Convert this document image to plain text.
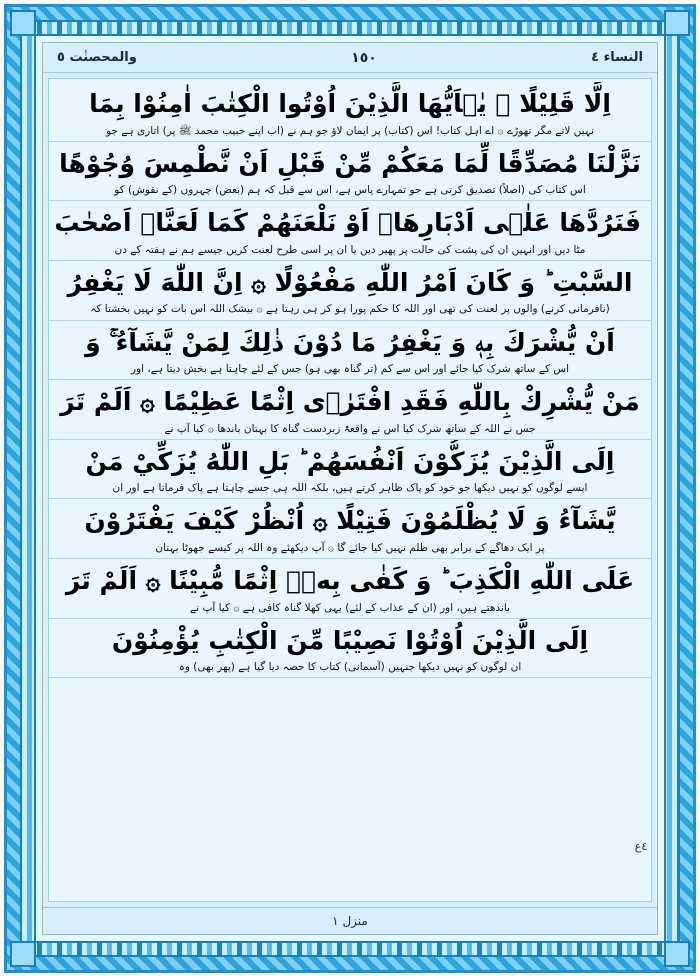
والمحصنٰت ٥	١٥٠	النساء ٤
اِلَّا قَلِيْلًا ۞ يٰۤاَيُّهَا الَّذِيْنَ اُوْتُوا الْكِتٰبَ اٰمِنُوْا بِمَا
نہیں لاتے مگر تھوڑے ۞ اے اہل کتاب! اس (کتاب) پر ایمان لاؤ جو ہم نے (اب اپنے حبیب محمد ﷺ پر) اتاری ہے جو
نَزَّلْنَا مُصَدِّقًا لِّمَا مَعَكُمْ مِّنْ قَبْلِ اَنْ نَّطْمِسَ وُجُوْهًا
اس کتاب کی (اصلاً) تصدیق کرتی ہے جو تمہارے پاس ہے، اس سے قبل کہ ہم (بعض) چہروں (کے نقوش) کو
فَنَرُدَّهَا عَلٰۤى اَدْبَارِهَاۤ اَوْ نَلْعَنَهُمْ كَمَا لَعَنَّاۤ اَصْحٰبَ
مٹا دیں اور انہیں ان کی پشت کی حالت پر پھیر دیں یا ان پر اسی طرح لعنت کریں جیسے ہم نے ہفتہ کے دن
السَّبْتِ ؕ وَ كَانَ اَمْرُ اللّٰهِ مَفْعُوْلًا ۞ اِنَّ اللّٰهَ لَا يَغْفِرُ
(نافرمانی کرنے) والوں پر لعنت کی تھی اور اللہ کا حکم پورا ہو کر ہی رہتا ہے ۞ بیشک اللہ اس بات کو نہیں بخشتا کہ
اَنْ يُّشْرَكَ بِهٖ وَ يَغْفِرُ مَا دُوْنَ ذٰلِكَ لِمَنْ يَّشَآءُ ۚ وَ
اس کے ساتھ شرک کیا جائے اور اس سے کم (تر گناہ بھی ہو) جس کے لئے چاہتا ہے بخش دیتا ہے، اور
مَنْ يُّشْرِكْ بِاللّٰهِ فَقَدِ افْتَرٰۤى اِثْمًا عَظِيْمًا ۞ اَلَمْ تَرَ
جس نے اللہ کے ساتھ شرک کیا اس نے واقعۃً زبردست گناہ کا بہتان باندھا ۞ کیا آپ نے
اِلَى الَّذِيْنَ يُزَكُّوْنَ اَنْفُسَهُمْ ؕ بَلِ اللّٰهُ يُزَكِّيْ مَنْ
ایسے لوگوں کو نہیں دیکھا جو خود کو پاک ظاہر کرتے ہیں، بلکہ اللہ ہی جسے چاہتا ہے پاک فرماتا ہے اور ان
يَّشَآءُ وَ لَا يُظْلَمُوْنَ فَتِيْلًا ۞ اُنْظُرْ كَيْفَ يَفْتَرُوْنَ
پر ایک دھاگے کے برابر بھی ظلم نہیں کیا جائے گا ۞ آپ دیکھئے وہ اللہ پر کیسے جھوٹا بہتان
عَلَى اللّٰهِ الْكَذِبَ ؕ وَ كَفٰى بِهٖۤ اِثْمًا مُّبِيْنًا ۞ اَلَمْ تَرَ
باندھتے ہیں، اور (ان کے عذاب کے لئے) یہی کھلا گناہ کافی ہے ۞ کیا آپ نے
اِلَى الَّذِيْنَ اُوْتُوْا نَصِيْبًا مِّنَ الْكِتٰبِ يُؤْمِنُوْنَ
ان لوگوں کو نہیں دیکھا جنہیں (آسمانی) کتاب کا حصہ دیا گیا ہے (پھر بھی) وہ
٤ع
منزل ١
